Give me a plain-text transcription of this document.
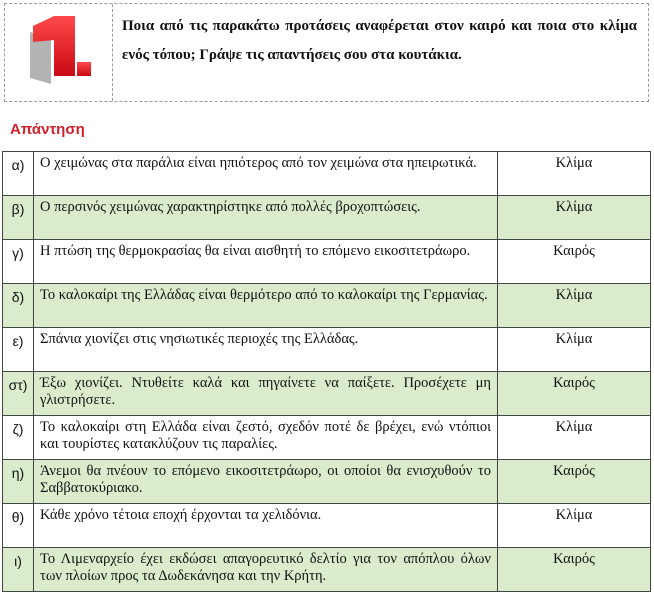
Ποια από τις παρακάτω προτάσεις αναφέρεται στον καιρό και ποια στο κλίμα ενός τόπου; Γράψε τις απαντήσεις σου στα κουτάκια.
Απάντηση
α)	Ο χειμώνας στα παράλια είναι ηπιότερος από τον χειμώνα στα ηπειρωτικά.	Κλίμα
β)	Ο περσινός χειμώνας χαρακτηρίστηκε από πολλές βροχοπτώσεις.	Κλίμα
γ)	Η πτώση της θερμοκρασίας θα είναι αισθητή το επόμενο εικοσιτετράωρο.	Καιρός
δ)	Το καλοκαίρι της Ελλάδας είναι θερμότερο από το καλοκαίρι της Γερμανίας.	Κλίμα
ε)	Σπάνια χιονίζει στις νησιωτικές περιοχές της Ελλάδας.	Κλίμα
στ)	Έξω χιονίζει. Ντυθείτε καλά και πηγαίνετε να παίξετε. Προσέχετε μη γλιστρήσετε.	Καιρός
ζ)	Το καλοκαίρι στη Ελλάδα είναι ζεστό, σχεδόν ποτέ δε βρέχει, ενώ ντόπιοι και τουρίστες κατακλύζουν τις παραλίες.	Κλίμα
η)	Άνεμοι θα πνέουν το επόμενο εικοσιτετράωρο, οι οποίοι θα ενισχυθούν το Σαββατοκύριακο.	Καιρός
θ)	Κάθε χρόνο τέτοια εποχή έρχονται τα χελιδόνια.	Κλίμα
ι)	Το Λιμεναρχείο έχει εκδώσει απαγορευτικό δελτίο για τον απόπλου όλων των πλοίων προς τα Δωδεκάνησα και την Κρήτη.	Καιρός
